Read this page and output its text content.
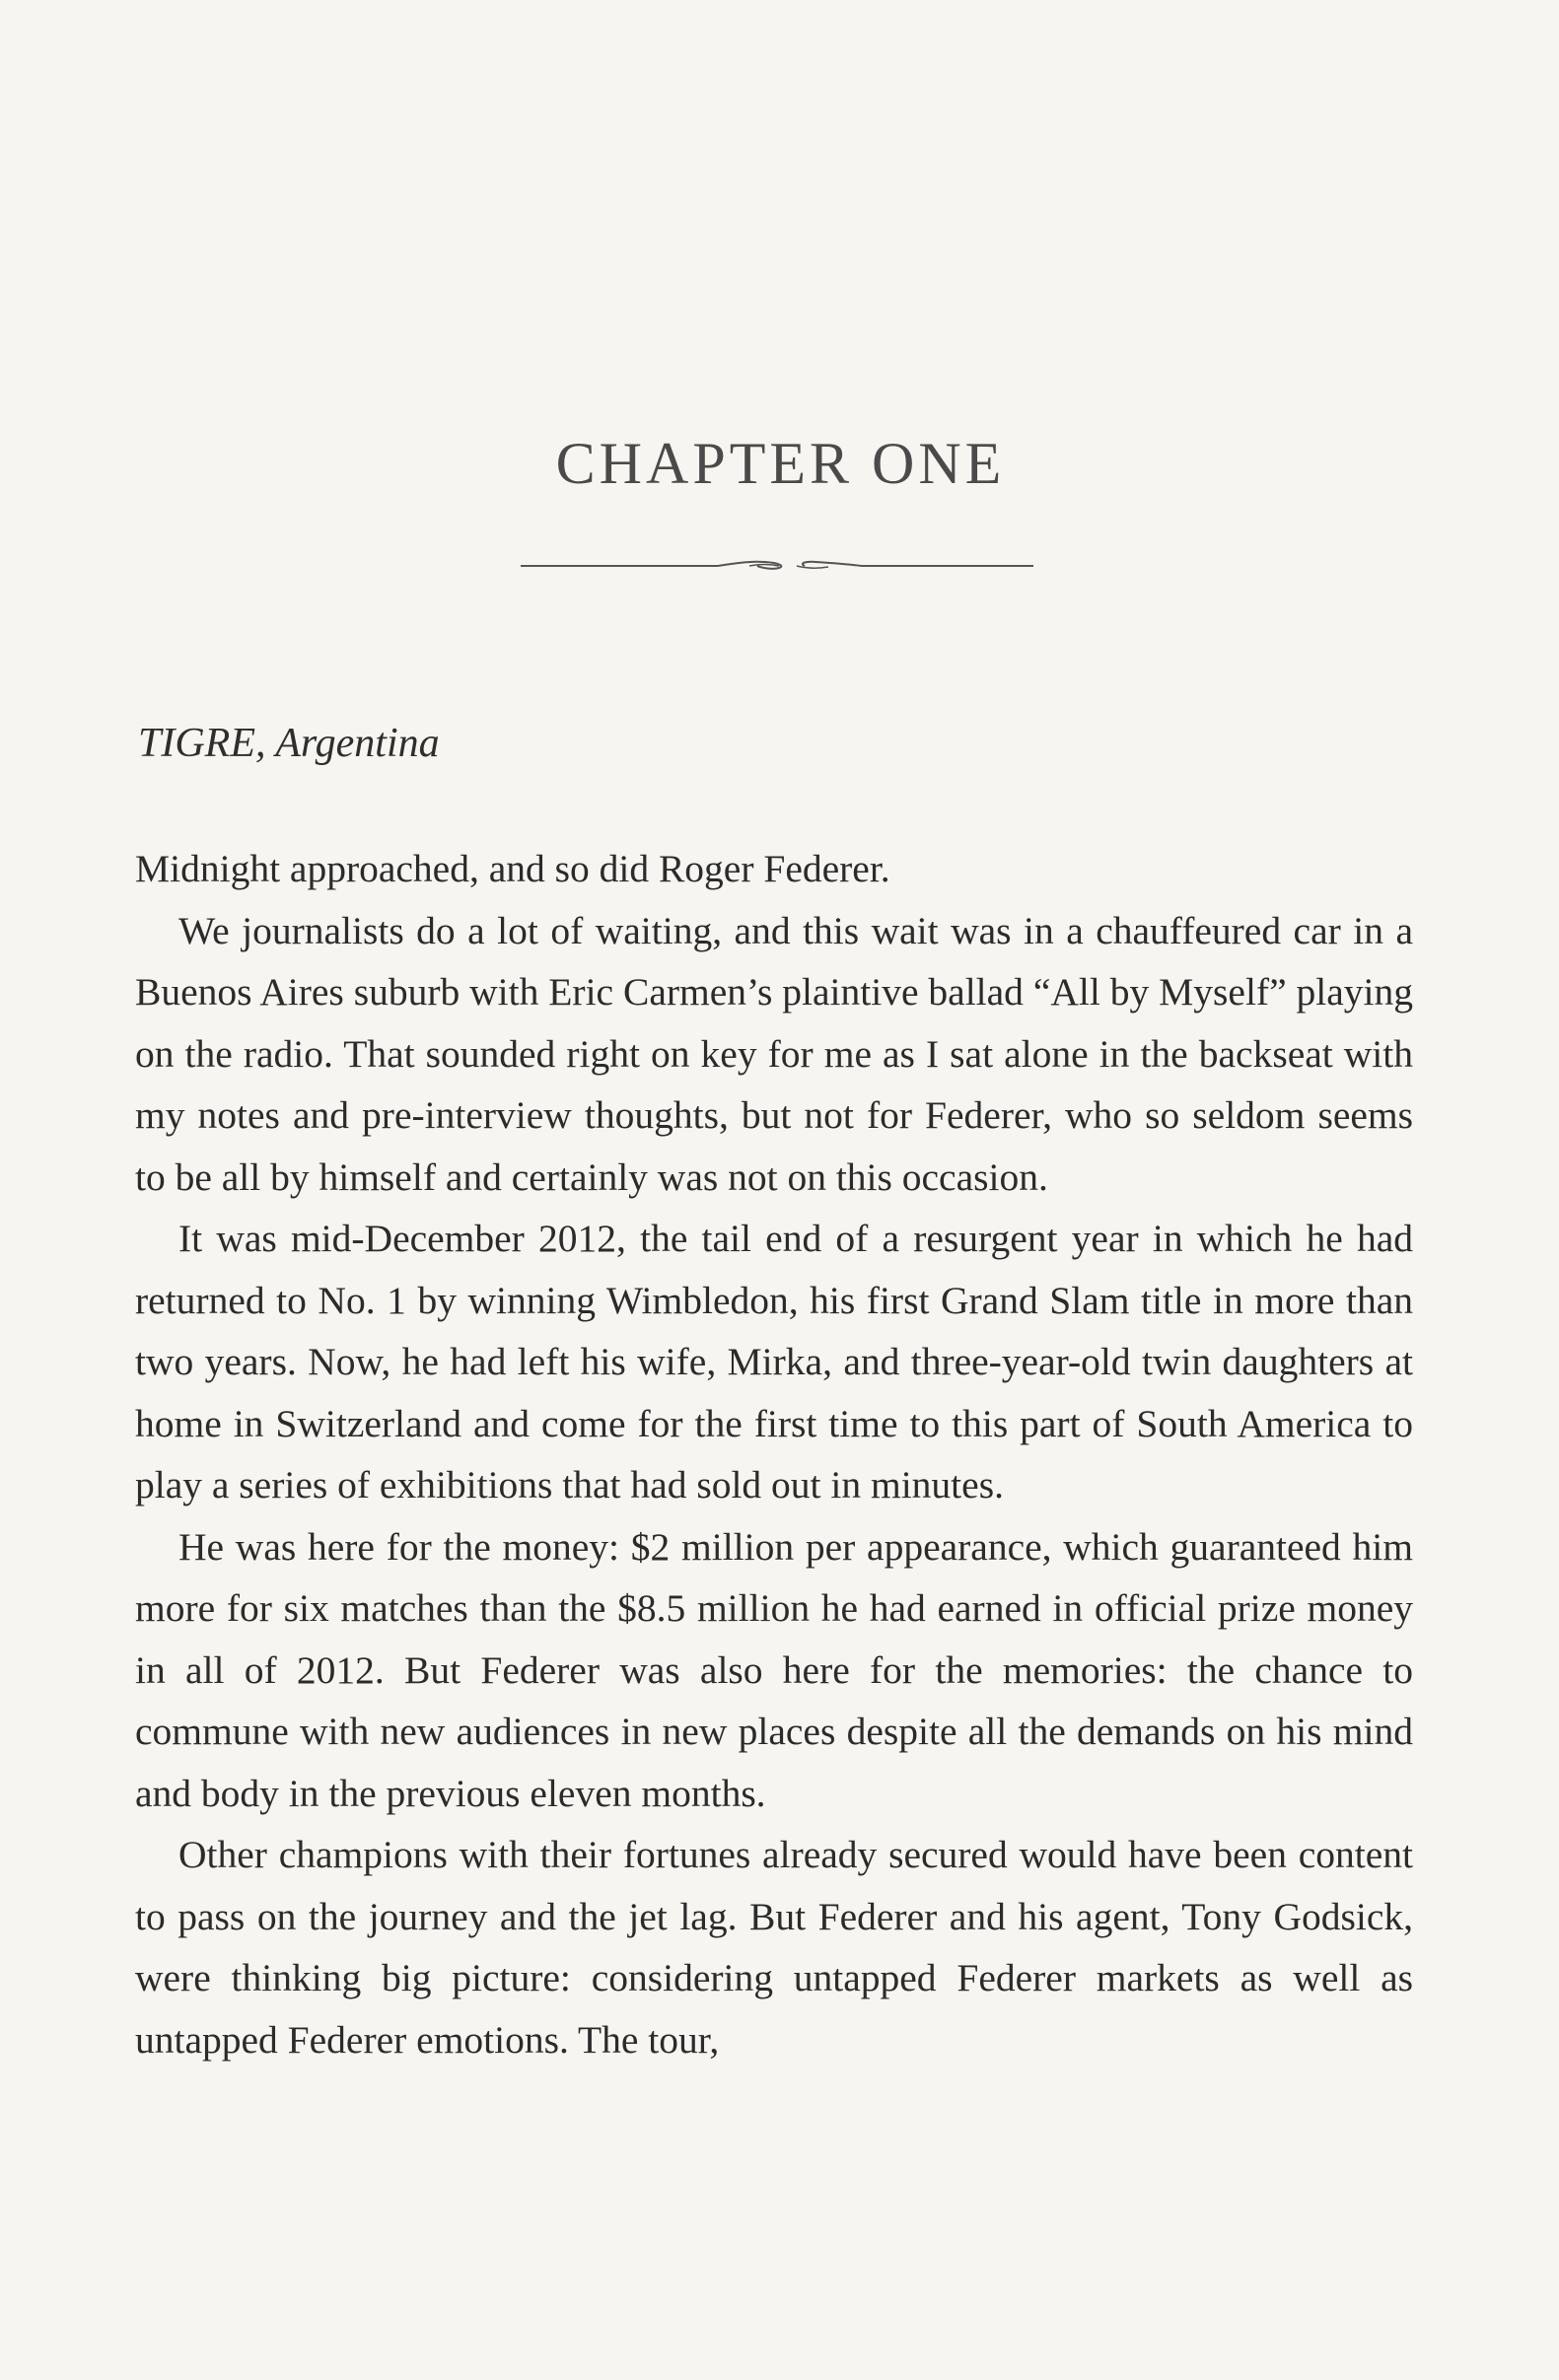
CHAPTER ONE

TIGRE, Argentina

Midnight approached, and so did Roger Federer.

We journalists do a lot of waiting, and this wait was in a chauffeured car in a Buenos Aires suburb with Eric Carmen’s plaintive ballad “All by Myself” playing on the radio. That sounded right on key for me as I sat alone in the backseat with my notes and pre-interview thoughts, but not for Federer, who so seldom seems to be all by himself and certainly was not on this occasion.

It was mid-December 2012, the tail end of a resurgent year in which he had returned to No. 1 by winning Wimbledon, his first Grand Slam title in more than two years. Now, he had left his wife, Mirka, and three-year-old twin daughters at home in Switzerland and come for the first time to this part of South America to play a series of exhibitions that had sold out in minutes.

He was here for the money: $2 million per appearance, which guaranteed him more for six matches than the $8.5 million he had earned in official prize money in all of 2012. But Federer was also here for the memories: the chance to commune with new audiences in new places despite all the demands on his mind and body in the previous eleven months.

Other champions with their fortunes already secured would have been content to pass on the journey and the jet lag. But Federer and his agent, Tony Godsick, were thinking big picture: considering untapped Federer markets as well as untapped Federer emotions. The tour,
